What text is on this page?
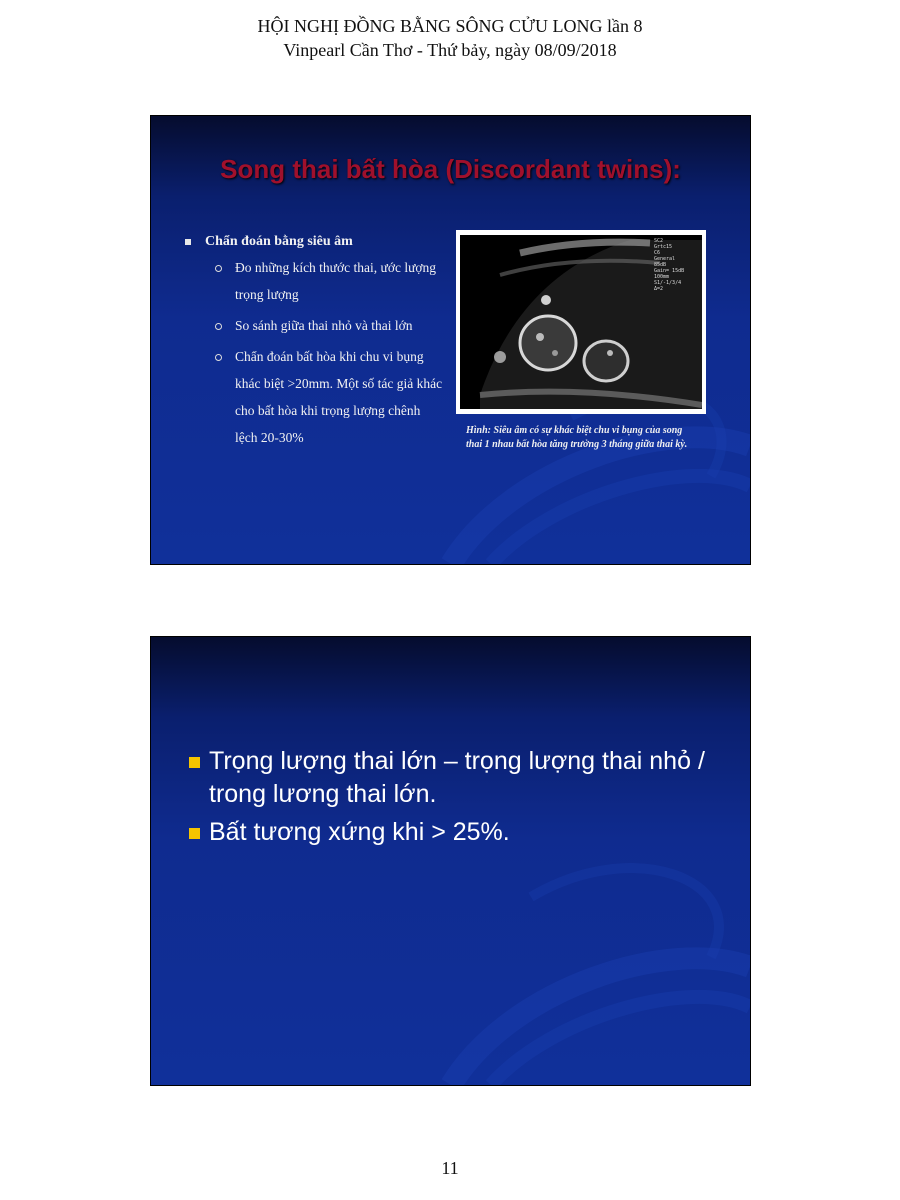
HỘI NGHỊ ĐỒNG BẰNG SÔNG CỬU LONG lần 8
Vinpearl Cần Thơ - Thứ bảy, ngày 08/09/2018
Song thai bất hòa (Discordant twins):
Chẩn đoán bằng siêu âm
Đo những kích thước thai, ước lượng trọng lượng
So sánh giữa thai nhỏ và thai lớn
Chẩn đoán bất hòa khi chu vi bụng khác biệt >20mm. Một số tác giả khác cho bất hòa khi trọng lượng chênh lệch 20-30%
SC2
Grtc15
C6
General
85dB
Gain= 15dB
100mm
S1/-1/3/4
Δ=2
Hình: Siêu âm có sự khác biệt chu vi bụng của song thai 1 nhau bất hòa tăng trưởng 3 tháng giữa thai kỳ.
Trọng lượng thai lớn – trọng lượng thai nhỏ / trong lương thai lớn.
Bất tương xứng khi > 25%.
11
